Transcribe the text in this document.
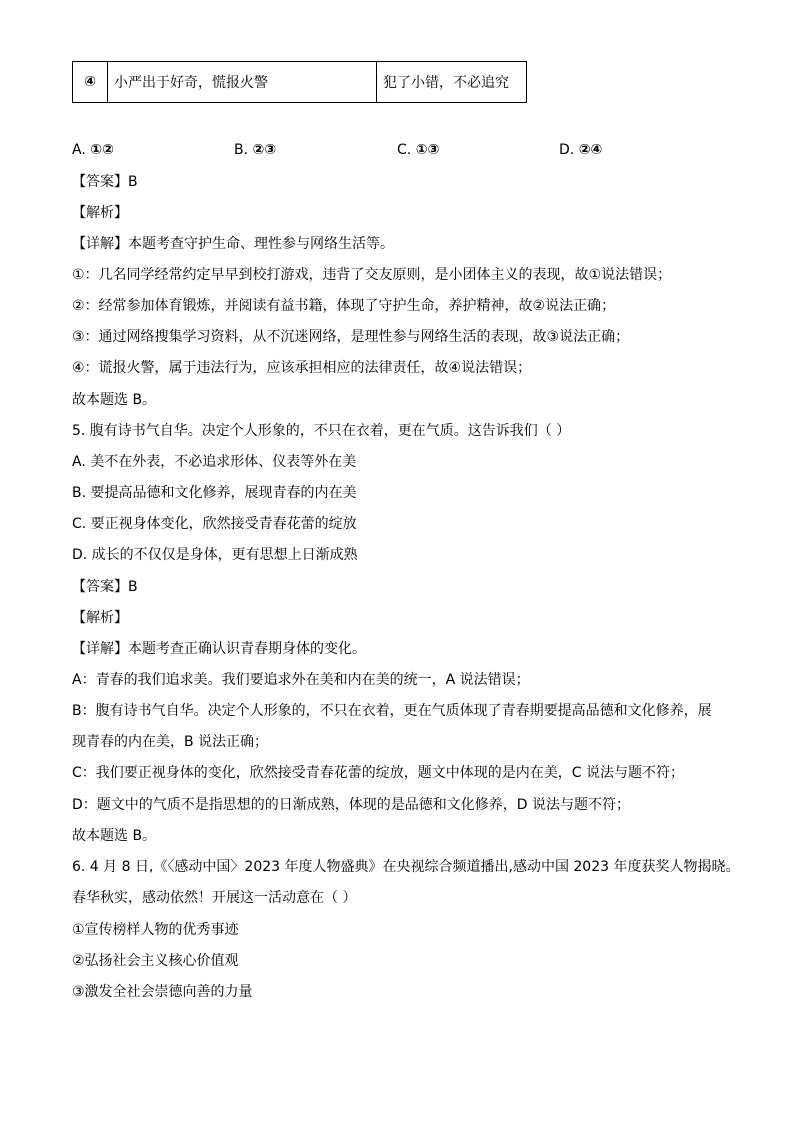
④	小严出于好奇，慌报火警	犯了小错，不必追究
A. ①②	B. ②③	C. ①③	D. ②④
【答案】B
【解析】
【详解】本题考查守护生命、理性参与网络生活等。
①：几名同学经常约定早早到校打游戏，违背了交友原则，是小团体主义的表现，故①说法错误；
②：经常参加体育锻炼，并阅读有益书籍，体现了守护生命，养护精神，故②说法正确；
③：通过网络搜集学习资料，从不沉迷网络，是理性参与网络生活的表现，故③说法正确；
④：谎报火警，属于违法行为，应该承担相应的法律责任，故④说法错误；
故本题选 B。
5. 腹有诗书气自华。决定个人形象的，不只在衣着，更在气质。这告诉我们（ ）
A. 美不在外表，不必追求形体、仪表等外在美
B. 要提高品德和文化修养，展现青春的内在美
C. 要正视身体变化，欣然接受青春花蕾的绽放
D. 成长的不仅仅是身体，更有思想上日渐成熟
【答案】B
【解析】
【详解】本题考查正确认识青春期身体的变化。
A：青春的我们追求美。我们要追求外在美和内在美的统一，A 说法错误；
B：腹有诗书气自华。决定个人形象的，不只在衣着，更在气质体现了青春期要提高品德和文化修养，展
现青春的内在美，B 说法正确；
C：我们要正视身体的变化，欣然接受青春花蕾的绽放，题文中体现的是内在美，C 说法与题不符；
D：题文中的气质不是指思想的的日渐成熟，体现的是品德和文化修养，D 说法与题不符；
故本题选 B。
6. 4 月 8 日,《〈感动中国〉2023 年度人物盛典》在央视综合频道播出,感动中国 2023 年度获奖人物揭晓。
春华秋实，感动依然！开展这一活动意在（ ）
①宣传榜样人物的优秀事迹
②弘扬社会主义核心价值观
③激发全社会崇德向善的力量
